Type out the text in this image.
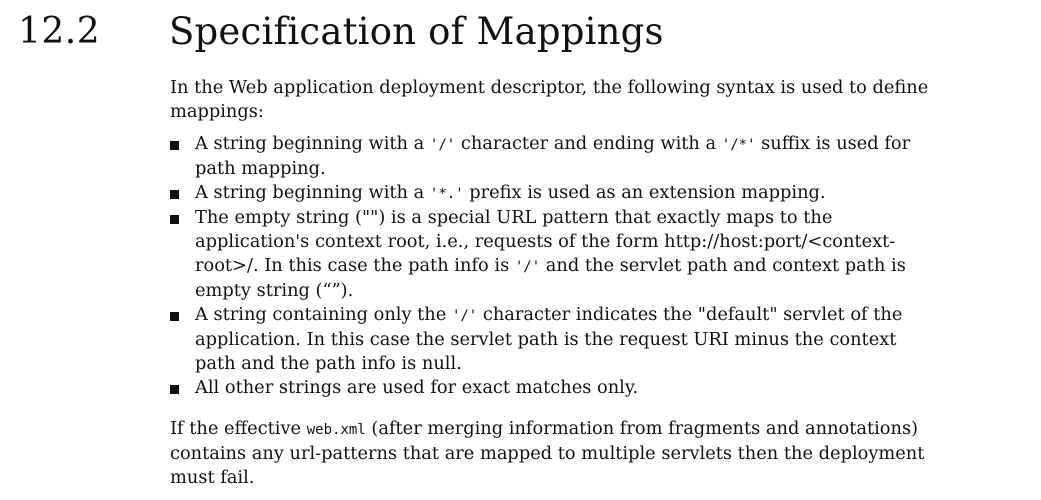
12.2 Specification of Mappings

In the Web application deployment descriptor, the following syntax is used to define mappings:

A string beginning with a '/' character and ending with a '/*' suffix is used for path mapping.
A string beginning with a '*.' prefix is used as an extension mapping.
The empty string ("") is a special URL pattern that exactly maps to the application's context root, i.e., requests of the form http://host:port/<context-root>/. In this case the path info is '/' and the servlet path and context path is empty string (“”).
A string containing only the '/' character indicates the "default" servlet of the application. In this case the servlet path is the request URI minus the context path and the path info is null.
All other strings are used for exact matches only.

If the effective web.xml (after merging information from fragments and annotations) contains any url-patterns that are mapped to multiple servlets then the deployment must fail.
